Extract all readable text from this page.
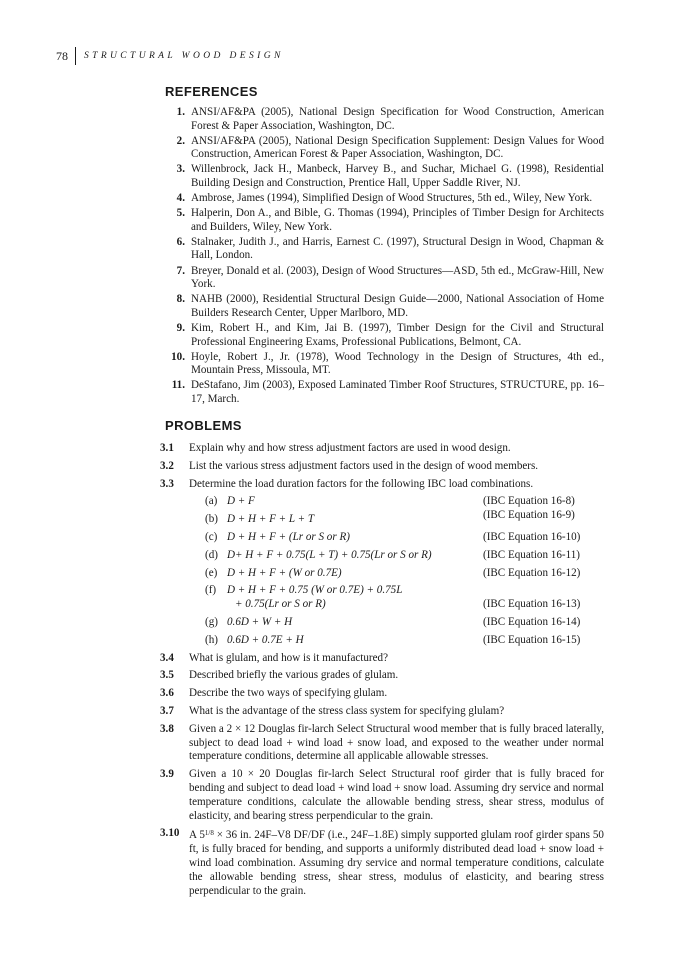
78	STRUCTURAL WOOD DESIGN
REFERENCES
1. ANSI/AF&PA (2005), National Design Specification for Wood Construction, American Forest & Paper Association, Washington, DC.
2. ANSI/AF&PA (2005), National Design Specification Supplement: Design Values for Wood Construction, American Forest & Paper Association, Washington, DC.
3. Willenbrock, Jack H., Manbeck, Harvey B., and Suchar, Michael G. (1998), Residential Building Design and Construction, Prentice Hall, Upper Saddle River, NJ.
4. Ambrose, James (1994), Simplified Design of Wood Structures, 5th ed., Wiley, New York.
5. Halperin, Don A., and Bible, G. Thomas (1994), Principles of Timber Design for Architects and Builders, Wiley, New York.
6. Stalnaker, Judith J., and Harris, Earnest C. (1997), Structural Design in Wood, Chapman & Hall, London.
7. Breyer, Donald et al. (2003), Design of Wood Structures—ASD, 5th ed., McGraw-Hill, New York.
8. NAHB (2000), Residential Structural Design Guide—2000, National Association of Home Builders Research Center, Upper Marlboro, MD.
9. Kim, Robert H., and Kim, Jai B. (1997), Timber Design for the Civil and Structural Professional Engineering Exams, Professional Publications, Belmont, CA.
10. Hoyle, Robert J., Jr. (1978), Wood Technology in the Design of Structures, 4th ed., Mountain Press, Missoula, MT.
11. DeStafano, Jim (2003), Exposed Laminated Timber Roof Structures, STRUCTURE, pp. 16–17, March.
PROBLEMS
3.1	Explain why and how stress adjustment factors are used in wood design.
3.2	List the various stress adjustment factors used in the design of wood members.
3.3	Determine the load duration factors for the following IBC load combinations.
(a) D + F	(IBC Equation 16-8)
(b) D + H + F + L + T	(IBC Equation 16-9)
(c) D + H + F + (Lr or S or R)	(IBC Equation 16-10)
(d) D+ H + F + 0.75(L + T) + 0.75(Lr or S or R)	(IBC Equation 16-11)
(e) D + H + F + (W or 0.7E)	(IBC Equation 16-12)
(f) D + H + F + 0.75 (W or 0.7E) + 0.75L
+ 0.75(Lr or S or R)	(IBC Equation 16-13)
(g) 0.6D + W + H	(IBC Equation 16-14)
(h) 0.6D + 0.7E + H	(IBC Equation 16-15)
3.4	What is glulam, and how is it manufactured?
3.5	Described briefly the various grades of glulam.
3.6	Describe the two ways of specifying glulam.
3.7	What is the advantage of the stress class system for specifying glulam?
3.8	Given a 2 × 12 Douglas fir-larch Select Structural wood member that is fully braced laterally, subject to dead load + wind load + snow load, and exposed to the weather under normal temperature conditions, determine all applicable allowable stresses.
3.9	Given a 10 × 20 Douglas fir-larch Select Structural roof girder that is fully braced for bending and subject to dead load + wind load + snow load. Assuming dry service and normal temperature conditions, calculate the allowable bending stress, shear stress, modulus of elasticity, and bearing stress perpendicular to the grain.
3.10 A $5^{1/8} \times 36$ in. 24F–V8 DF/DF (i.e., 24F–1.8E) simply supported glulam roof girder spans 50 ft, is fully braced for bending, and supports a uniformly distributed dead load + snow load + wind load combination. Assuming dry service and normal temperature conditions, calculate the allowable bending stress, shear stress, modulus of elasticity, and bearing stress perpendicular to the grain.
